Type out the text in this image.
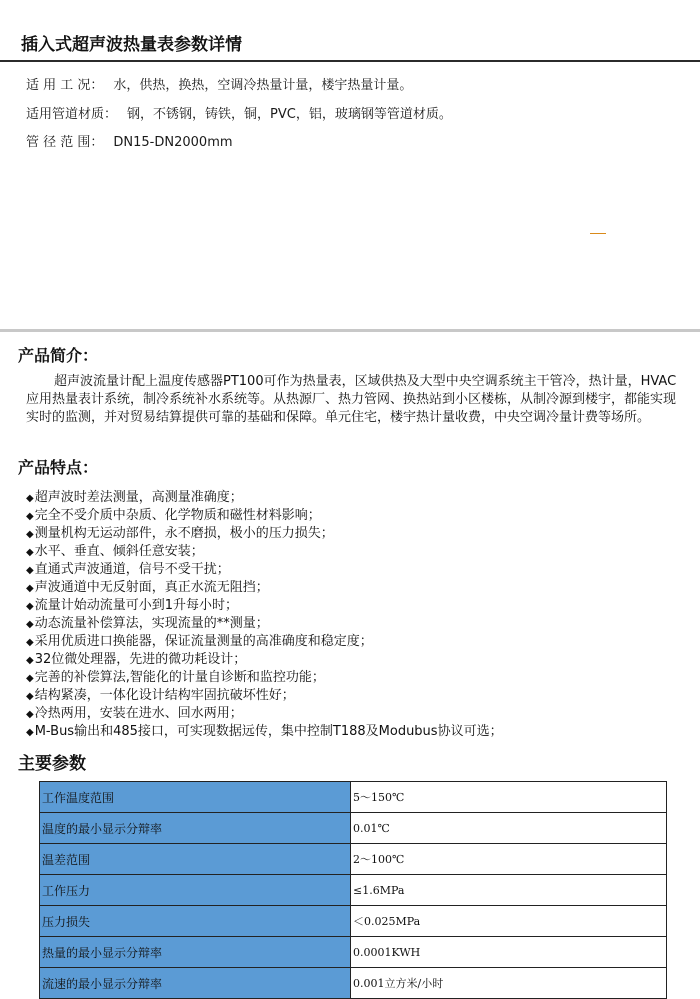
插入式超声波热量表参数详情
适 用 工 况： 水，供热，换热，空调冷热量计量，楼宇热量计量。
适用管道材质： 钢，不锈钢，铸铁，铜，PVC，铝，玻璃钢等管道材质。
管 径 范 围： DN15-DN2000mm
产品简介：

超声波流量计配上温度传感器PT100可作为热量表，区域供热及大型中央空调系统主干管冷，热计量，HVAC应用热量表计系统，制冷系统补水系统等。从热源厂、热力管网、换热站到小区楼栋，从制冷源到楼宇，都能实现实时的监测，并对贸易结算提供可靠的基础和保障。单元住宅，楼宇热计量收费，中央空调冷量计费等场所。

产品特点：
◆超声波时差法测量，高测量准确度；
◆完全不受介质中杂质、化学物质和磁性材料影响；
◆测量机构无运动部件，永不磨损，极小的压力损失；
◆水平、垂直、倾斜任意安装；
◆直通式声波通道，信号不受干扰；
◆声波通道中无反射面，真正水流无阻挡；
◆流量计始动流量可小到1升每小时；
◆动态流量补偿算法，实现流量的**测量；
◆采用优质进口换能器，保证流量测量的高准确度和稳定度；
◆32位微处理器，先进的微功耗设计；
◆完善的补偿算法,智能化的计量自诊断和监控功能；
◆结构紧凑，一体化设计结构牢固抗破坏性好；
◆冷热两用，安装在进水、回水两用；
◆M-Bus输出和485接口，可实现数据远传，集中控制T188及Modubus协议可选；
主要参数
工作温度范围	5～150℃
温度的最小显示分辩率	0.01℃
温差范围	2～100℃
工作压力	≤1.6MPa
压力损失	＜0.025MPa
热量的最小显示分辩率	0.0001KWH
流速的最小显示分辩率	0.001立方米/小时
